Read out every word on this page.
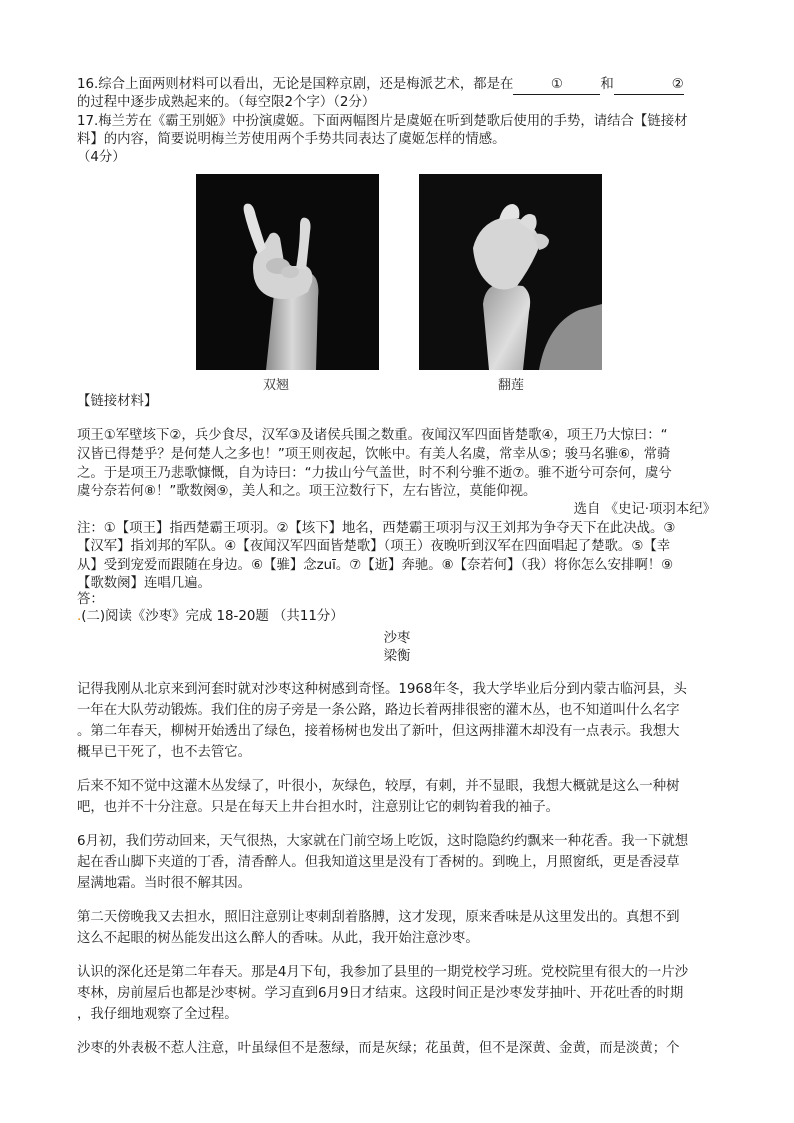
16.综合上面两则材料可以看出，无论是国粹京剧，还是梅派艺术，都是在	①	和	②
的过程中逐步成熟起来的。（每空限2个字）（2分）
17.梅兰芳在《霸王别姬》中扮演虞姬。下面两幅图片是虞姬在听到楚歌后使用的手势，请结合【链接材
料】的内容，简要说明梅兰芳使用两个手势共同表达了虞姬怎样的情感。
（4分）
双翘	翻莲
【链接材料】
项王①军壁垓下②，兵少食尽，汉军③及诸侯兵围之数重。夜闻汉军四面皆楚歌④，项王乃大惊曰：“
汉皆已得楚乎？是何楚人之多也！”项王则夜起，饮帐中。有美人名虞，常幸从⑤；骏马名骓⑥，常骑
之。于是项王乃悲歌慷慨，自为诗曰：“力拔山兮气盖世，时不利兮骓不逝⑦。骓不逝兮可奈何，虞兮
虞兮奈若何⑧！”歌数阕⑨，美人和之。项王泣数行下，左右皆泣，莫能仰视。
选自 《史记·项羽本纪》
注：①【项王】指西楚霸王项羽。②【垓下】地名，西楚霸王项羽与汉王刘邦为争夺天下在此决战。③
【汉军】指刘邦的军队。④【夜闻汉军四面皆楚歌】（项王）夜晚听到汉军在四面唱起了楚歌。⑤【幸
从】受到宠爱而跟随在身边。⑥【骓】念zuī。⑦【逝】奔驰。⑧【奈若何】（我）将你怎么安排啊！⑨
【歌数阕】连唱几遍。
答：
.(二)阅读《沙枣》完成 18-20题 （共11分）
沙枣
梁衡
记得我刚从北京来到河套时就对沙枣这种树感到奇怪。1968年冬，我大学毕业后分到内蒙古临河县，头
一年在大队劳动锻炼。我们住的房子旁是一条公路，路边长着两排很密的灌木丛，也不知道叫什么名字
。第二年春天，柳树开始透出了绿色，接着杨树也发出了新叶，但这两排灌木却没有一点表示。我想大
概早已干死了，也不去管它。
后来不知不觉中这灌木丛发绿了，叶很小，灰绿色，较厚，有刺，并不显眼，我想大概就是这么一种树
吧，也并不十分注意。只是在每天上井台担水时，注意别让它的刺钩着我的袖子。
6月初，我们劳动回来，天气很热，大家就在门前空场上吃饭，这时隐隐约约飘来一种花香。我一下就想
起在香山脚下夹道的丁香，清香醉人。但我知道这里是没有丁香树的。到晚上，月照窗纸，更是香浸草
屋满地霜。当时很不解其因。
第二天傍晚我又去担水，照旧注意别让枣刺刮着胳膊，这才发现，原来香味是从这里发出的。真想不到
这么不起眼的树丛能发出这么醉人的香味。从此，我开始注意沙枣。
认识的深化还是第二年春天。那是4月下旬，我参加了县里的一期党校学习班。党校院里有很大的一片沙
枣林，房前屋后也都是沙枣树。学习直到6月9日才结束。这段时间正是沙枣发芽抽叶、开花吐香的时期
，我仔细地观察了全过程。
沙枣的外表极不惹人注意，叶虽绿但不是葱绿，而是灰绿；花虽黄，但不是深黄、金黄，而是淡黄；个
